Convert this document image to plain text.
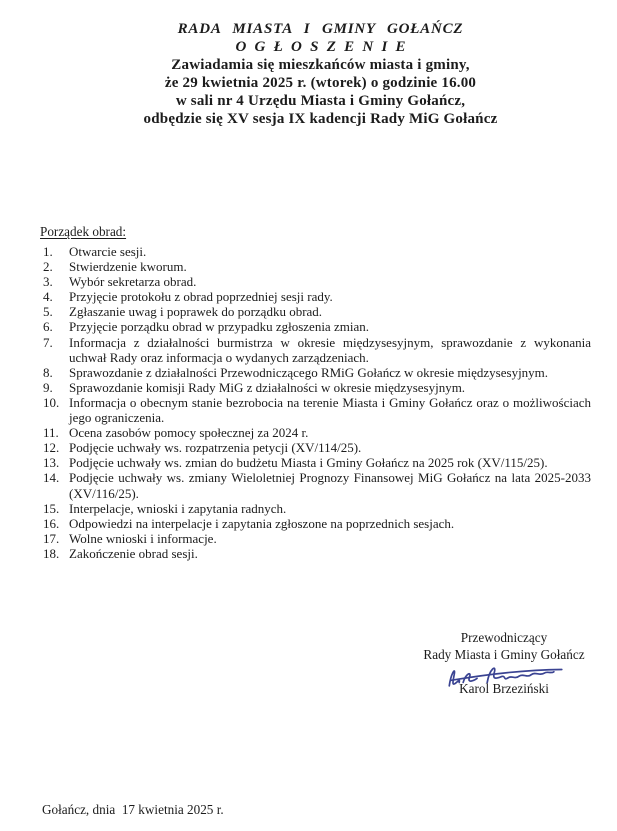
RADA MIASTA I GMINY GOŁAŃCZ
OGŁOSZENIE
Zawiadamia się mieszkańców miasta i gminy,
że 29 kwietnia 2025 r. (wtorek) o godzinie 16.00
w sali nr 4 Urzędu Miasta i Gminy Gołańcz,
odbędzie się XV sesja IX kadencji Rady MiG Gołańcz
Porządek obrad:
1.	Otwarcie sesji.
2.	Stwierdzenie kworum.
3.	Wybór sekretarza obrad.
4.	Przyjęcie protokołu z obrad poprzedniej sesji rady.
5.	Zgłaszanie uwag i poprawek do porządku obrad.
6.	Przyjęcie porządku obrad w przypadku zgłoszenia zmian.
7.	Informacja z działalności burmistrza w okresie międzysesyjnym, sprawozdanie z wykonania uchwał Rady oraz informacja o wydanych zarządzeniach.
8.	Sprawozdanie z działalności Przewodniczącego RMiG Gołańcz w okresie międzysesyjnym.
9.	Sprawozdanie komisji Rady MiG z działalności w okresie międzysesyjnym.
10. Informacja o obecnym stanie bezrobocia na terenie Miasta i Gminy Gołańcz oraz o możliwościach jego ograniczenia.
11. Ocena zasobów pomocy społecznej za 2024 r.
12. Podjęcie uchwały ws. rozpatrzenia petycji (XV/114/25).
13. Podjęcie uchwały ws. zmian do budżetu Miasta i Gminy Gołańcz na 2025 rok (XV/115/25).
14. Podjęcie uchwały ws. zmiany Wieloletniej Prognozy Finansowej MiG Gołańcz na lata 2025-2033 (XV/116/25).
15. Interpelacje, wnioski i zapytania radnych.
16. Odpowiedzi na interpelacje i zapytania zgłoszone na poprzednich sesjach.
17. Wolne wnioski i informacje.
18. Zakończenie obrad sesji.
Przewodniczący
Rady Miasta i Gminy Gołańcz
Karol Brzeziński
Gołańcz, dnia  17 kwietnia 2025 r.
